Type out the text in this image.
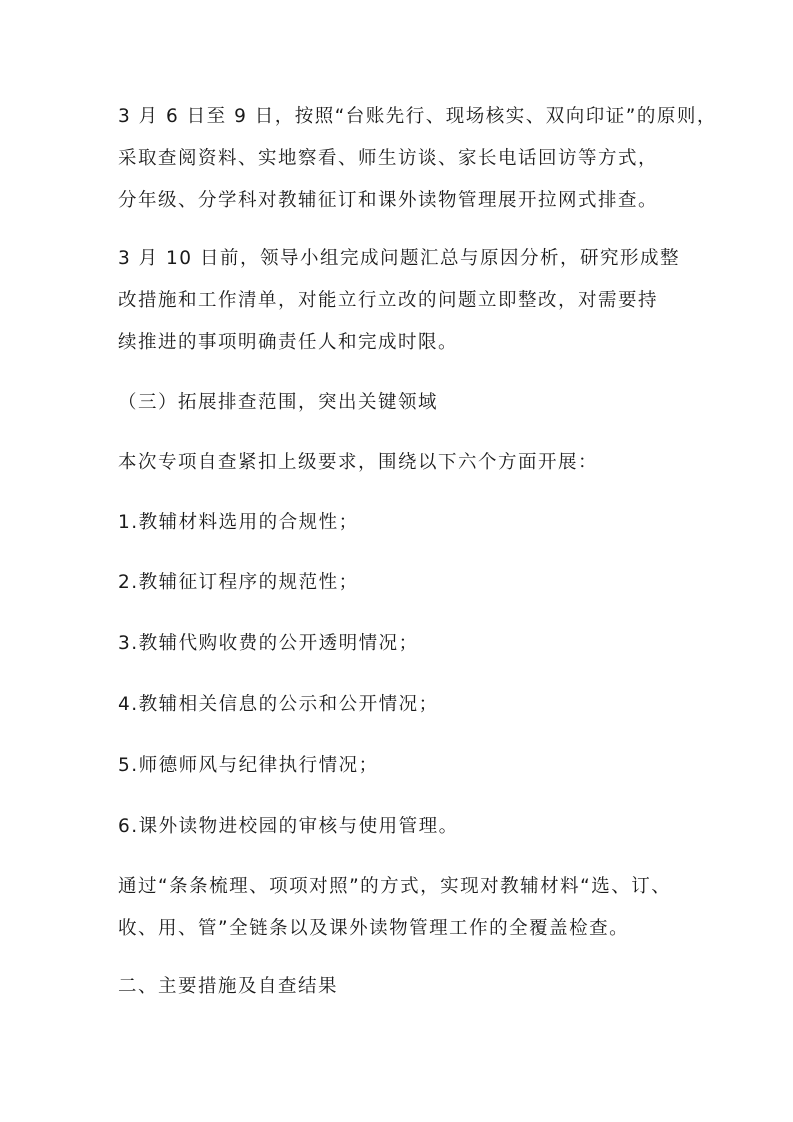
3 月 6 日至 9 日，按照“台账先行、现场核实、双向印证”的原则，
采取查阅资料、实地察看、师生访谈、家长电话回访等方式，
分年级、分学科对教辅征订和课外读物管理展开拉网式排查。
3 月 10 日前，领导小组完成问题汇总与原因分析，研究形成整
改措施和工作清单，对能立行立改的问题立即整改，对需要持
续推进的事项明确责任人和完成时限。
（三）拓展排查范围，突出关键领域
本次专项自查紧扣上级要求，围绕以下六个方面开展：
1.教辅材料选用的合规性；
2.教辅征订程序的规范性；
3.教辅代购收费的公开透明情况；
4.教辅相关信息的公示和公开情况；
5.师德师风与纪律执行情况；
6.课外读物进校园的审核与使用管理。
通过“条条梳理、项项对照”的方式，实现对教辅材料“选、订、
收、用、管”全链条以及课外读物管理工作的全覆盖检查。
二、主要措施及自查结果
